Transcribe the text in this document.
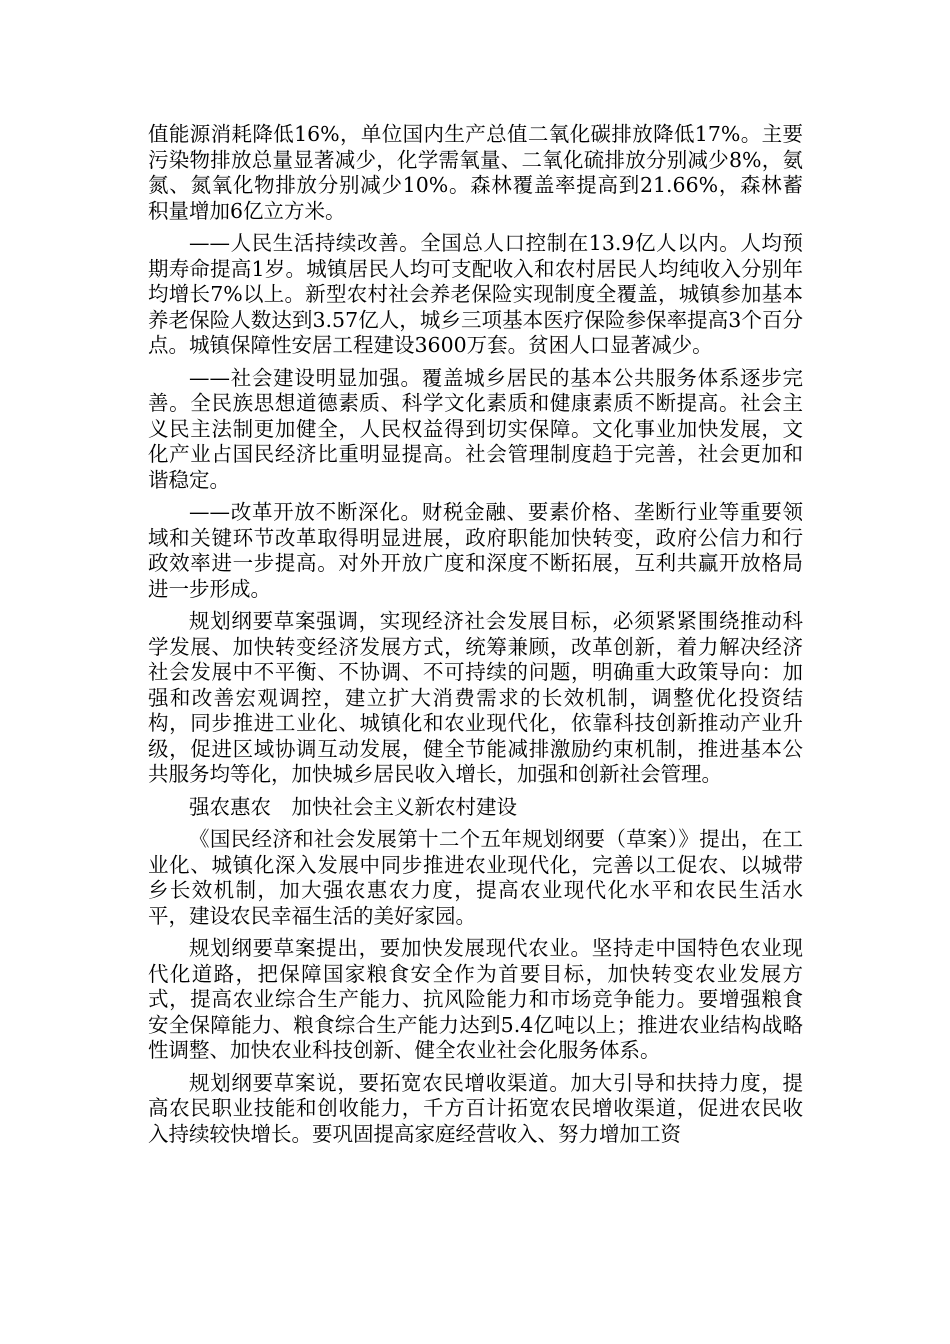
值能源消耗降低16%，单位国内生产总值二氧化碳排放降低17%。主要污染物排放总量显著减少，化学需氧量、二氧化硫排放分别减少8%，氨氮、氮氧化物排放分别减少10%。森林覆盖率提高到21.66%，森林蓄积量增加6亿立方米。

——人民生活持续改善。全国总人口控制在13.9亿人以内。人均预期寿命提高1岁。城镇居民人均可支配收入和农村居民人均纯收入分别年均增长7%以上。新型农村社会养老保险实现制度全覆盖，城镇参加基本养老保险人数达到3.57亿人，城乡三项基本医疗保险参保率提高3个百分点。城镇保障性安居工程建设3600万套。贫困人口显著减少。

——社会建设明显加强。覆盖城乡居民的基本公共服务体系逐步完善。全民族思想道德素质、科学文化素质和健康素质不断提高。社会主义民主法制更加健全，人民权益得到切实保障。文化事业加快发展，文化产业占国民经济比重明显提高。社会管理制度趋于完善，社会更加和谐稳定。

——改革开放不断深化。财税金融、要素价格、垄断行业等重要领域和关键环节改革取得明显进展，政府职能加快转变，政府公信力和行政效率进一步提高。对外开放广度和深度不断拓展，互利共赢开放格局进一步形成。

规划纲要草案强调，实现经济社会发展目标，必须紧紧围绕推动科学发展、加快转变经济发展方式，统筹兼顾，改革创新，着力解决经济社会发展中不平衡、不协调、不可持续的问题，明确重大政策导向：加强和改善宏观调控，建立扩大消费需求的长效机制，调整优化投资结构，同步推进工业化、城镇化和农业现代化，依靠科技创新推动产业升级，促进区域协调互动发展，健全节能减排激励约束机制，推进基本公共服务均等化，加快城乡居民收入增长，加强和创新社会管理。

强农惠农　加快社会主义新农村建设

《国民经济和社会发展第十二个五年规划纲要（草案）》提出，在工业化、城镇化深入发展中同步推进农业现代化，完善以工促农、以城带乡长效机制，加大强农惠农力度，提高农业现代化水平和农民生活水平，建设农民幸福生活的美好家园。

规划纲要草案提出，要加快发展现代农业。坚持走中国特色农业现代化道路，把保障国家粮食安全作为首要目标，加快转变农业发展方式，提高农业综合生产能力、抗风险能力和市场竞争能力。要增强粮食安全保障能力、粮食综合生产能力达到5.4亿吨以上；推进农业结构战略性调整、加快农业科技创新、健全农业社会化服务体系。

规划纲要草案说，要拓宽农民增收渠道。加大引导和扶持力度，提高农民职业技能和创收能力，千方百计拓宽农民增收渠道，促进农民收入持续较快增长。要巩固提高家庭经营收入、努力增加工资
